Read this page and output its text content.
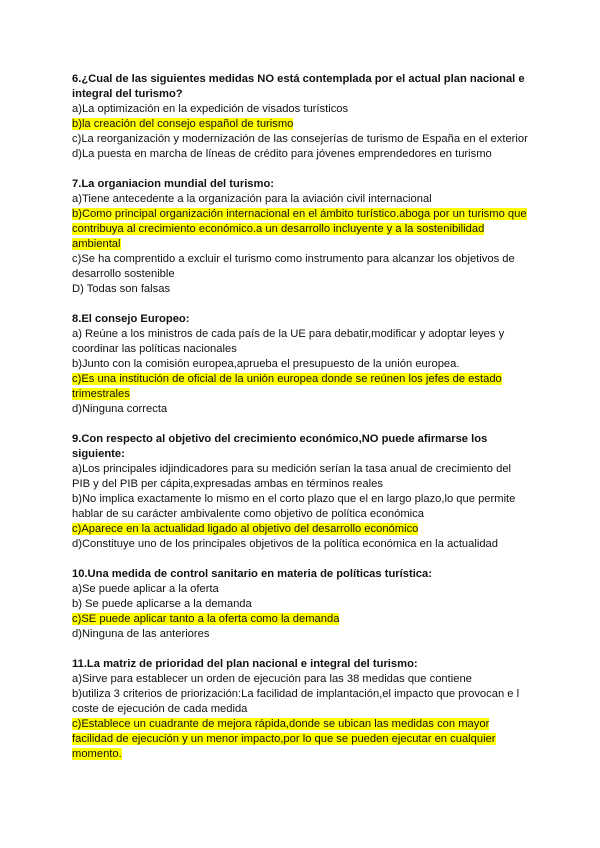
6.¿Cual de las siguientes medidas NO está contemplada por el actual plan nacional e integral del turismo?

a)La optimización en la expedición de visados turísticos

b)la creación del consejo español de turismo

c)La reorganización y modernización de las consejerías de turismo de España en el exterior

d)La puesta en marcha de líneas de crédito para jóvenes emprendedores en turismo

7.La organiacion mundial del turismo:

a)Tiene antecedente a la organización para la aviación civil internacional

b)Como principal organización internacional en el ámbito turístico.aboga por un turismo que contribuya al crecimiento económico.a un desarrollo incluyente y a la sostenibilidad ambiental

c)Se ha comprentido a excluir el turismo como instrumento para alcanzar los objetivos de desarrollo sostenible

D) Todas son falsas

8.El consejo Europeo:

a) Reúne a los ministros de cada país de la UE para debatir,modificar y adoptar leyes y coordinar las políticas nacionales

b)Junto con la comisión europea,aprueba el presupuesto de la unión europea.

c)Es una institución de oficial de la unión europea donde se reúnen los jefes de estado trimestrales

d)Ninguna correcta

9.Con respecto al objetivo del crecimiento económico,NO puede afirmarse los siguiente:

a)Los principales idjindicadores para su medición serían la tasa anual de crecimiento del PIB y del PIB per cápita,expresadas ambas en términos reales

b)No implica exactamente lo mismo en el corto plazo que el en largo plazo,lo que permite hablar de su carácter ambivalente como objetivo de política económica

c)Aparece en la actualidad ligado al objetivo del desarrollo económico

d)Constituye uno de los principales objetivos de la política económica en la actualidad

10.Una medida de control sanitario en materia de políticas turística:

a)Se puede aplicar a la oferta

b) Se puede aplicarse a la demanda

c)SE puede aplicar tanto a la oferta como la demanda

d)Ninguna de las anteriores

11.La matriz de prioridad del plan nacional e integral del turismo:

a)Sirve para establecer un orden de ejecución para las 38 medidas que contiene

b)utiliza 3 criterios de priorización:La facilidad de implantación,el impacto que provocan e l coste de ejecución de cada medida

c)Establece un cuadrante de mejora rápida,donde se ubican las medidas con mayor facilidad de ejecución y un menor impacto,por lo que se pueden ejecutar en cualquier momento.
